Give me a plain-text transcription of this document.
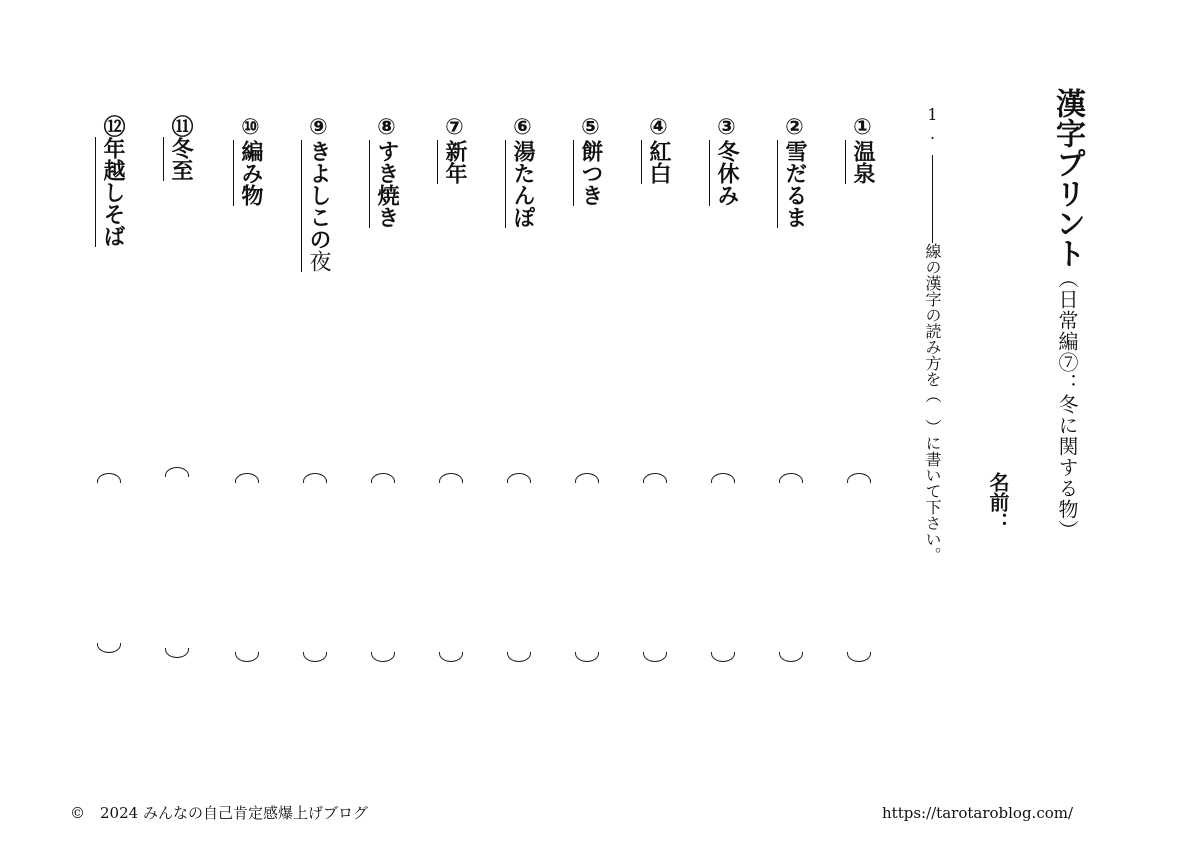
漢字プリント
（日常編⑦：冬に関する物）
名前：
1.
線の漢字の読み方を（　）に書いて下さい。
①
温泉
②
雪だるま
③
冬休み
④
紅白
⑤
餅つき
⑥
湯たんぽ
⑦
新年
⑧
すき焼き
⑨
きよしこの夜
⑩
編み物
⑪
冬至
⑫
年越しそば
©　2024 みんなの自己肯定感爆上げブログ	https://tarotaroblog.com/
